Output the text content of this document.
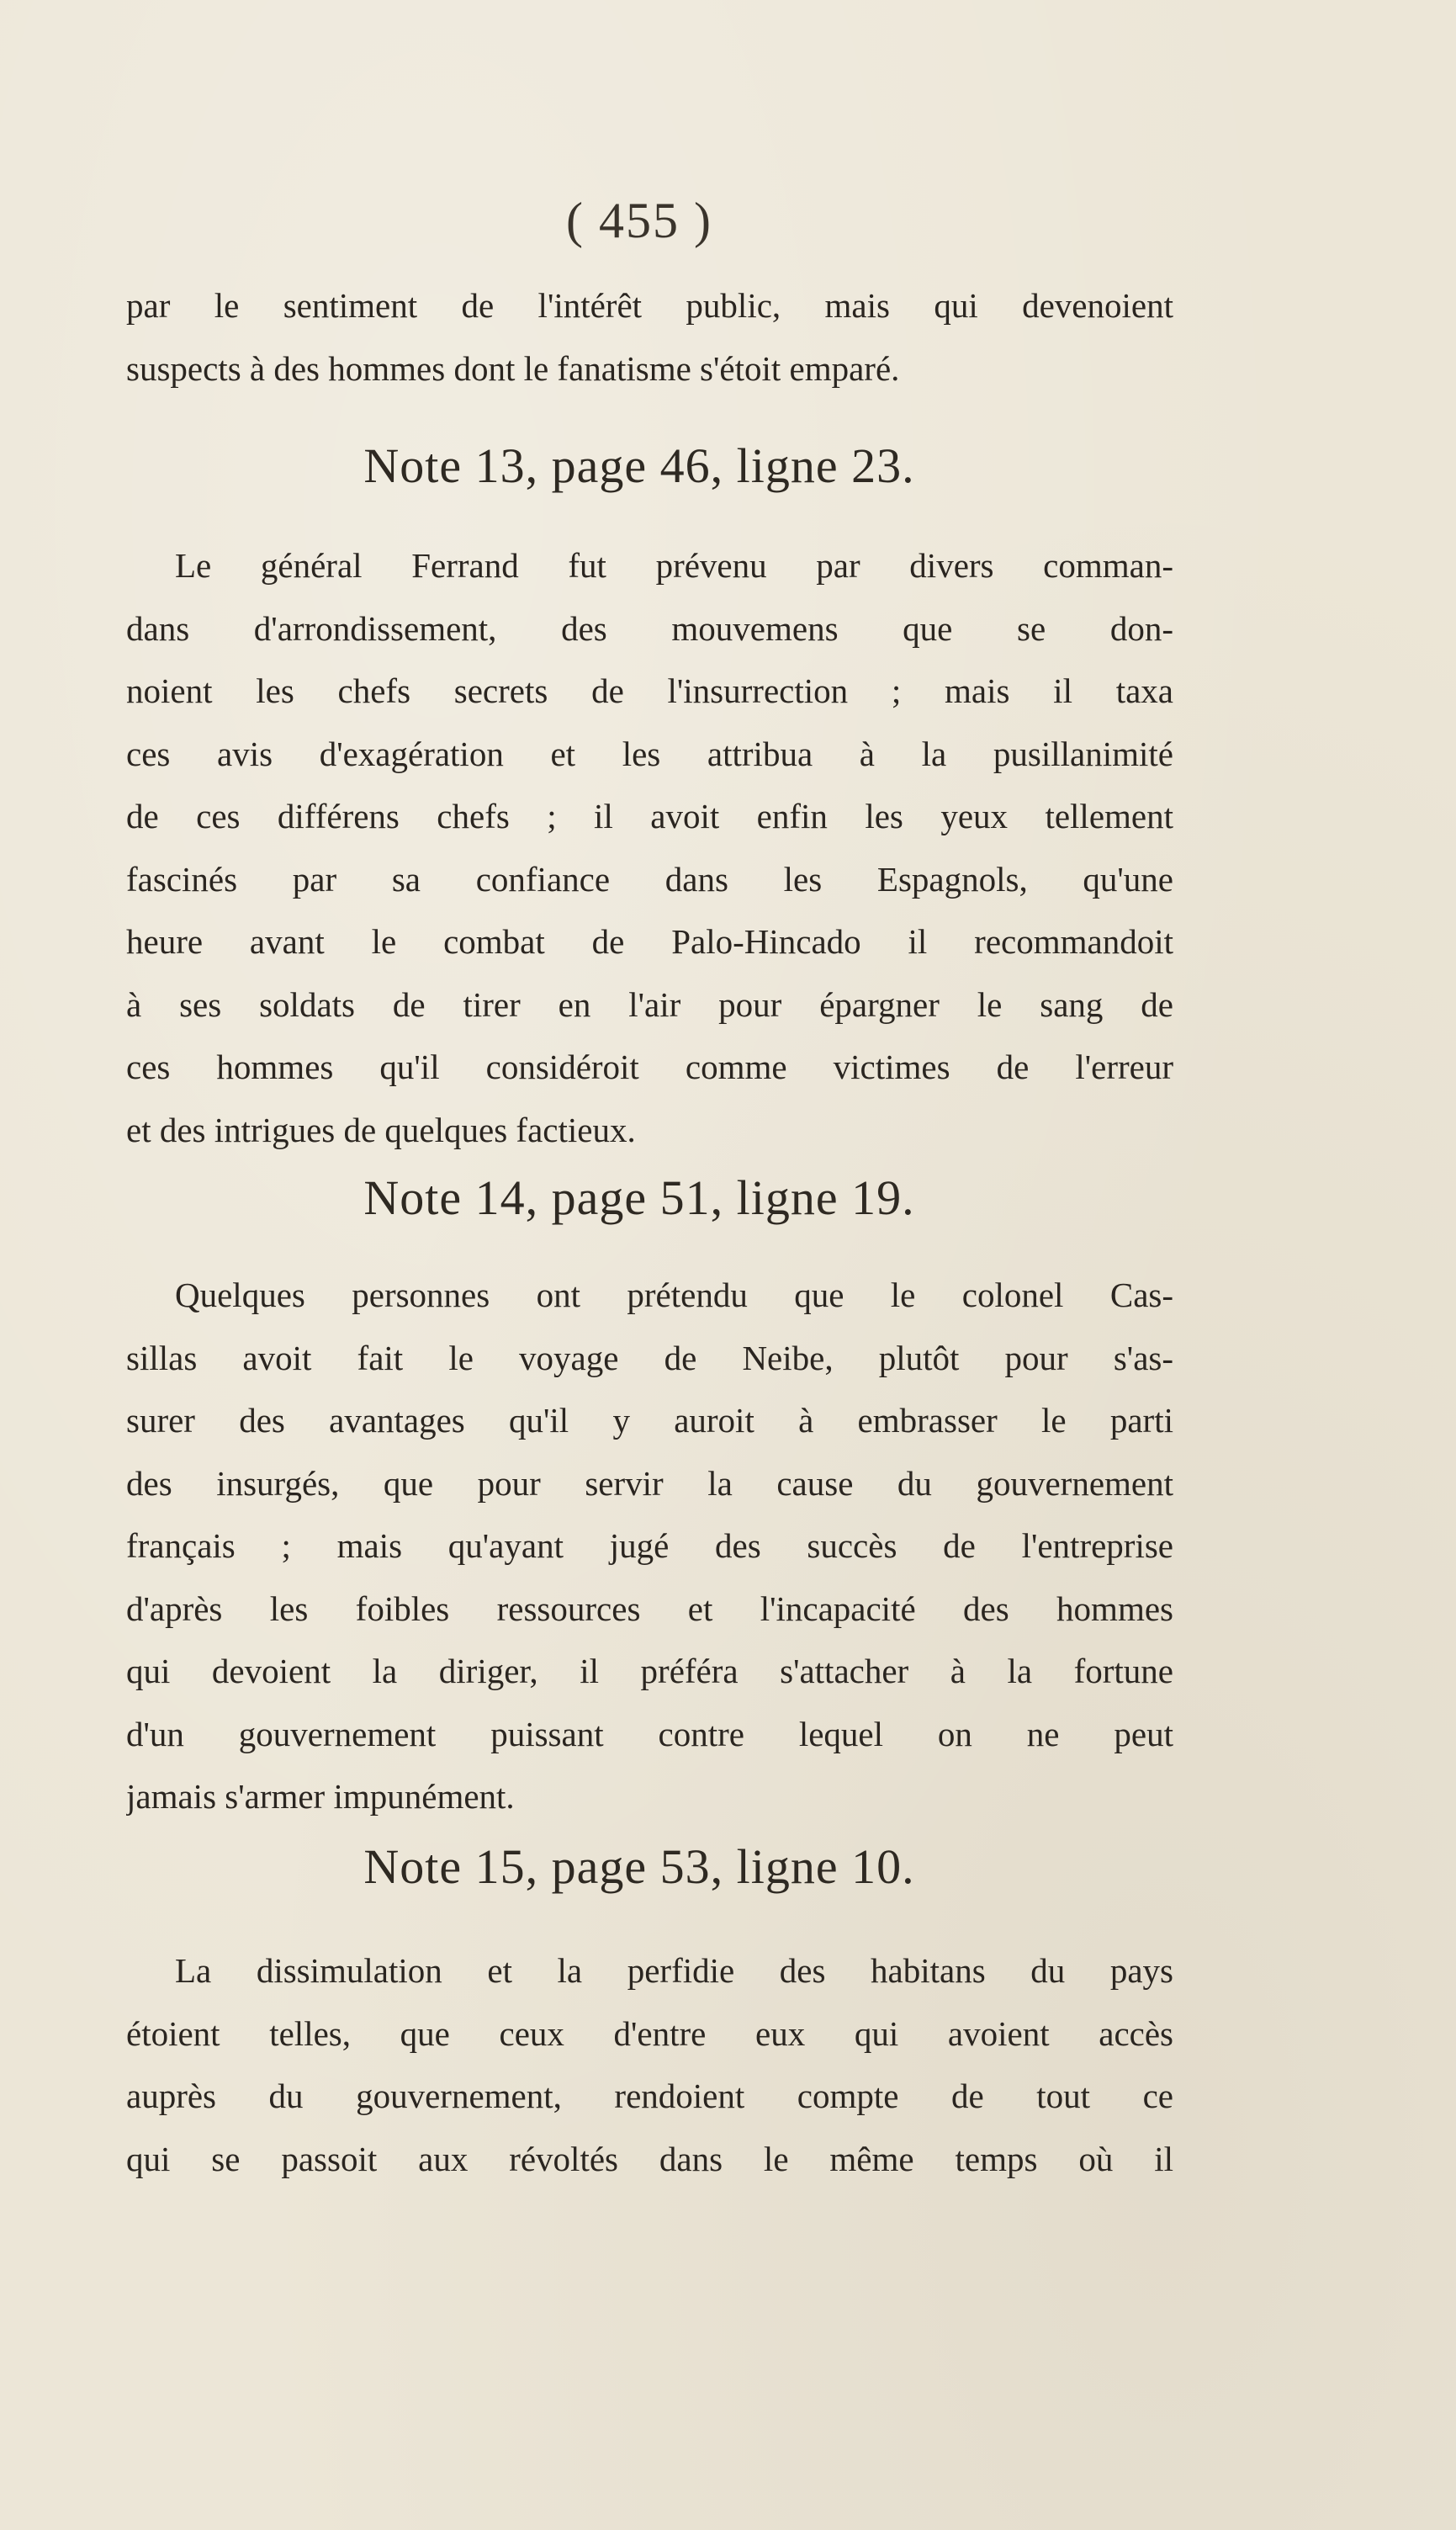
( 455 )

par le sentiment de l'intérêt public, mais qui devenoient
suspects à des hommes dont le fanatisme s'étoit emparé.

Note 13, page 46, ligne 23.

Le général Ferrand fut prévenu par divers comman-
dans d'arrondissement, des mouvemens que se don-
noient les chefs secrets de l'insurrection ; mais il taxa
ces avis d'exagération et les attribua à la pusillanimité
de ces différens chefs ; il avoit enfin les yeux tellement
fascinés par sa confiance dans les Espagnols, qu'une
heure avant le combat de Palo-Hincado il recommandoit
à ses soldats de tirer en l'air pour épargner le sang de
ces hommes qu'il considéroit comme victimes de l'erreur
et des intrigues de quelques factieux.

Note 14, page 51, ligne 19.

Quelques personnes ont prétendu que le colonel Cas-
sillas avoit fait le voyage de Neibe, plutôt pour s'as-
surer des avantages qu'il y auroit à embrasser le parti
des insurgés, que pour servir la cause du gouvernement
français ; mais qu'ayant jugé des succès de l'entreprise
d'après les foibles ressources et l'incapacité des hommes
qui devoient la diriger, il préféra s'attacher à la fortune
d'un gouvernement puissant contre lequel on ne peut
jamais s'armer impunément.

Note 15, page 53, ligne 10.

La dissimulation et la perfidie des habitans du pays
étoient telles, que ceux d'entre eux qui avoient accès
auprès du gouvernement, rendoient compte de tout ce
qui se passoit aux révoltés dans le même temps où il
